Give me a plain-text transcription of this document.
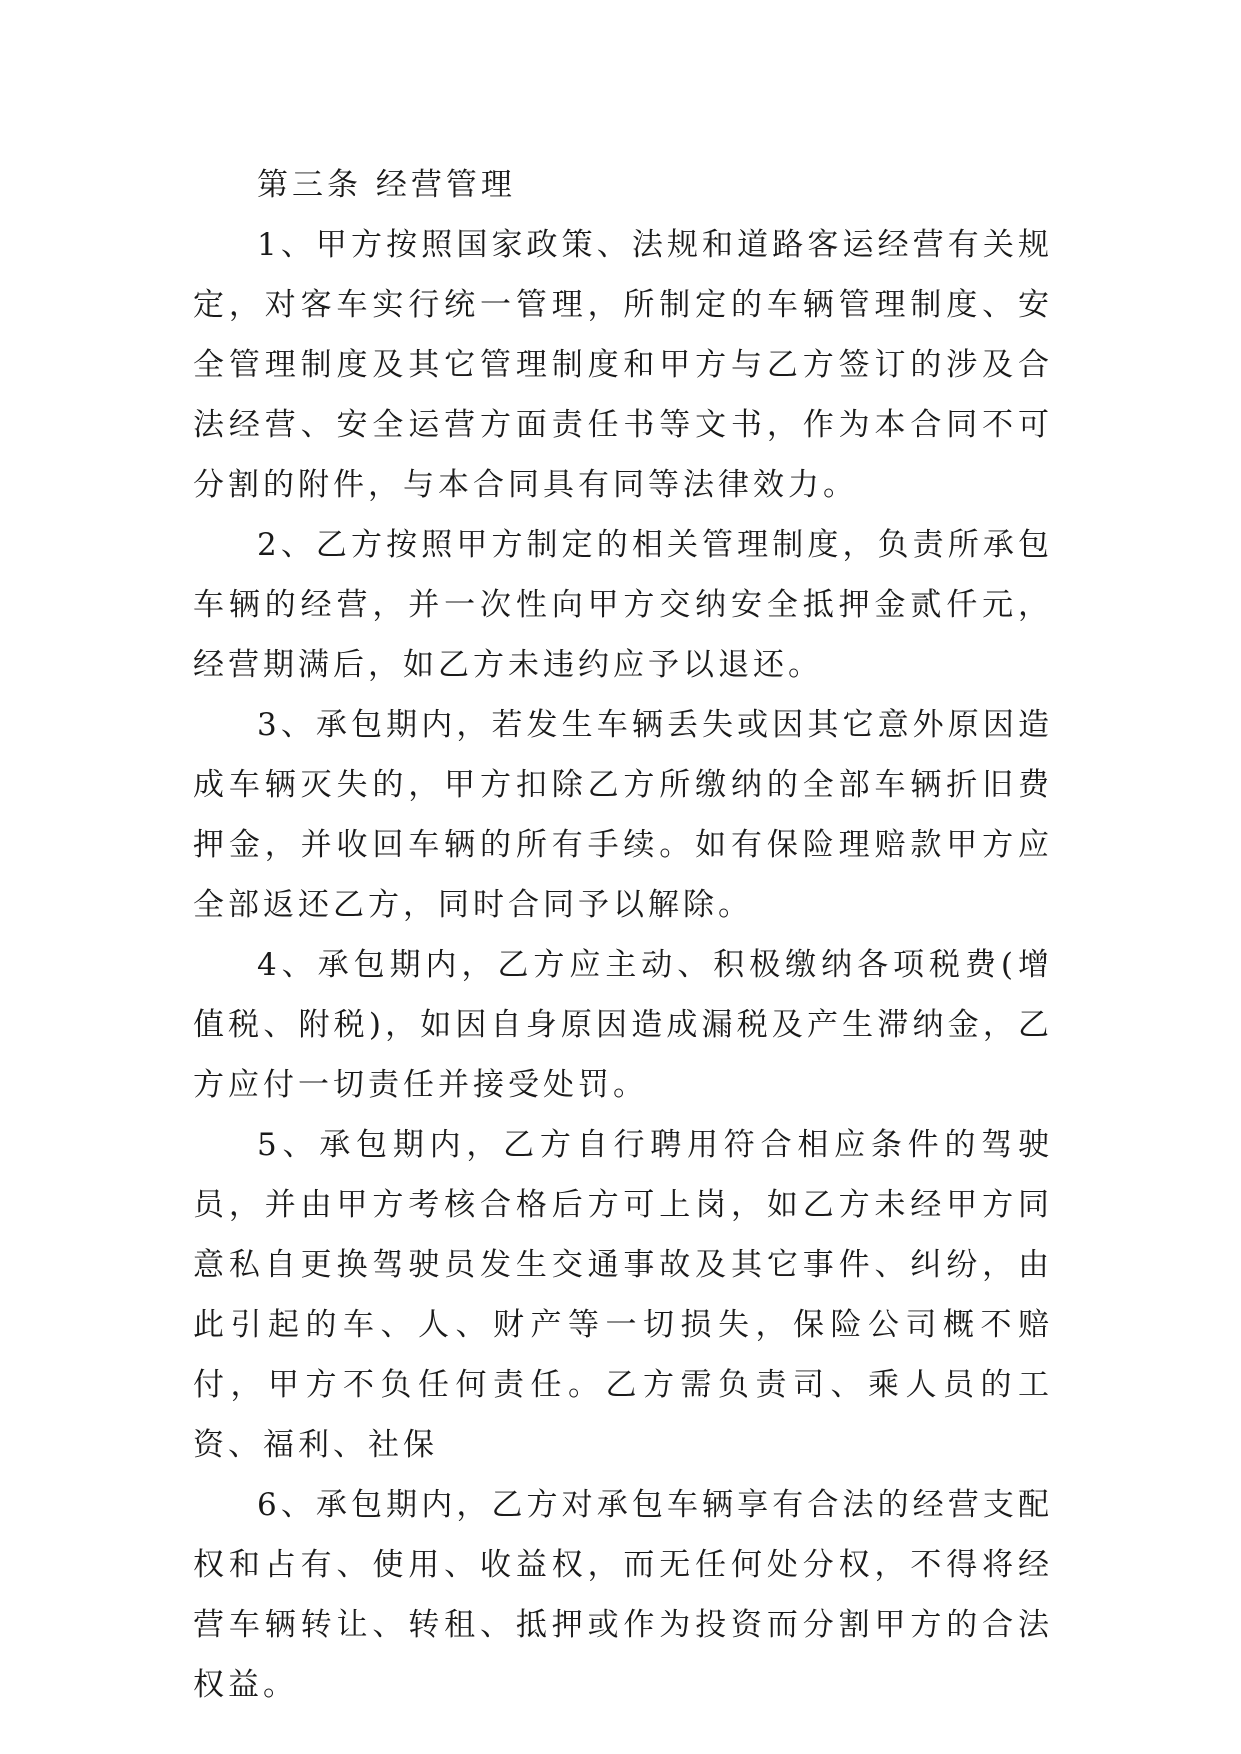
第三条 经营管理

1、甲方按照国家政策、法规和道路客运经营有关规定，对客车实行统一管理，所制定的车辆管理制度、安全管理制度及其它管理制度和甲方与乙方签订的涉及合法经营、安全运营方面责任书等文书，作为本合同不可分割的附件，与本合同具有同等法律效力。

2、乙方按照甲方制定的相关管理制度，负责所承包车辆的经营，并一次性向甲方交纳安全抵押金贰仟元，经营期满后，如乙方未违约应予以退还。

3、承包期内，若发生车辆丢失或因其它意外原因造成车辆灭失的，甲方扣除乙方所缴纳的全部车辆折旧费押金，并收回车辆的所有手续。如有保险理赔款甲方应全部返还乙方，同时合同予以解除。

4、承包期内，乙方应主动、积极缴纳各项税费(增值税、附税)，如因自身原因造成漏税及产生滞纳金，乙方应付一切责任并接受处罚。

5、承包期内，乙方自行聘用符合相应条件的驾驶员，并由甲方考核合格后方可上岗，如乙方未经甲方同意私自更换驾驶员发生交通事故及其它事件、纠纷，由此引起的车、人、财产等一切损失，保险公司概不赔付，甲方不负任何责任。乙方需负责司、乘人员的工资、福利、社保

6、承包期内，乙方对承包车辆享有合法的经营支配权和占有、使用、收益权，而无任何处分权，不得将经营车辆转让、转租、抵押或作为投资而分割甲方的合法权益。
